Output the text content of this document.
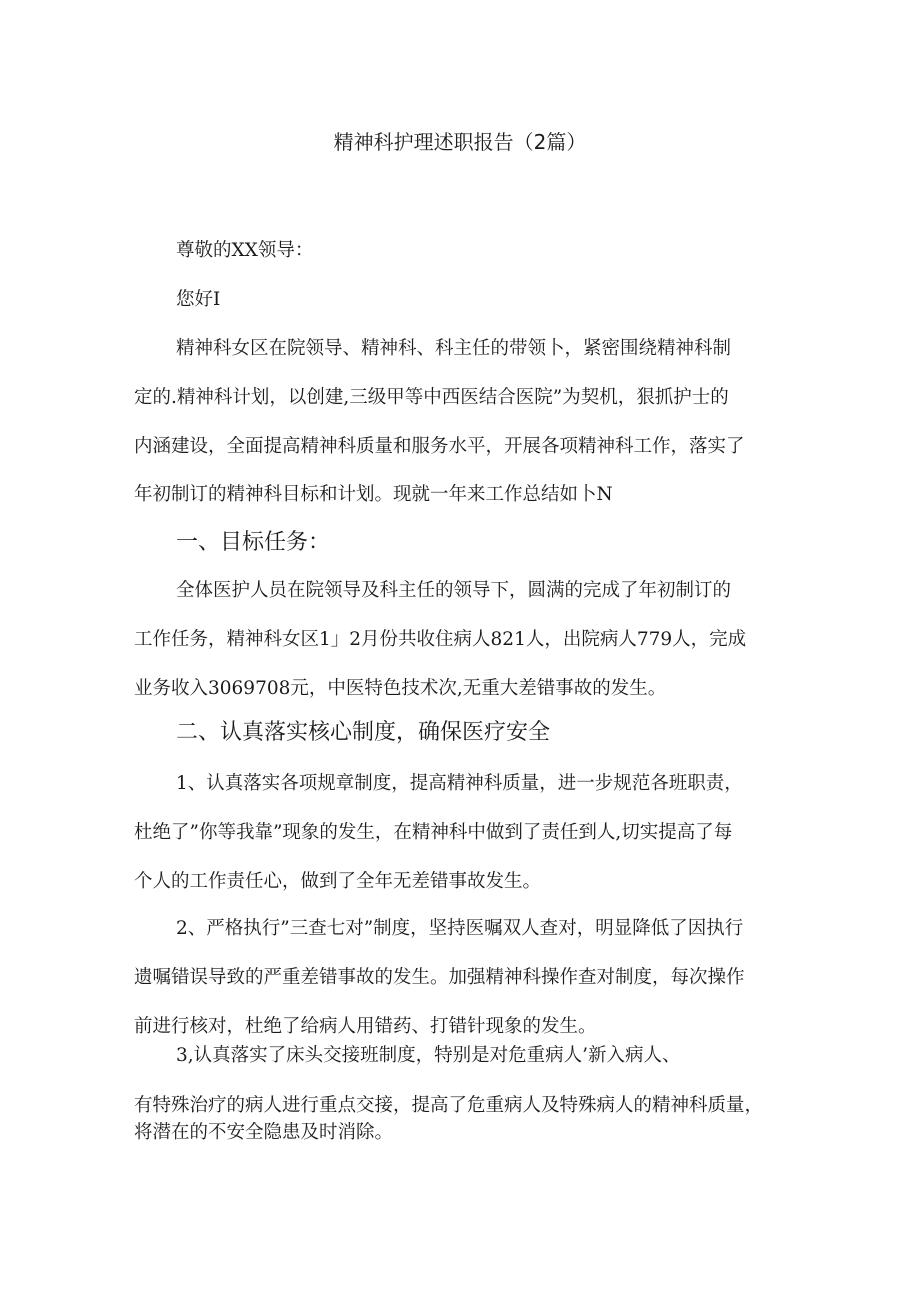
精神科护理述职报告（2篇）
尊敬的XX领导：
您好I
精神科女区在院领导、精神科、科主任的带领卜，紧密围绕精神科制
定的.精神科计划，以创建,三级甲等中西医结合医院”为契机，狠抓护士的
内涵建设，全面提高精神科质量和服务水平，开展各项精神科工作，落实了
年初制订的精神科目标和计划。现就一年来工作总结如卜N
一、目标任务：
全体医护人员在院领导及科主任的领导下，圆满的完成了年初制订的
工作任务，精神科女区1」2月份共收住病人821人，出院病人779人，完成
业务收入3069708元，中医特色技术次,无重大差错事故的发生。
二、认真落实核心制度，确保医疗安全
1、认真落实各项规章制度，提高精神科质量，进一步规范各班职责，
杜绝了”你等我靠”现象的发生，在精神科中做到了责任到人,切实提高了每
个人的工作责任心，做到了全年无差错事故发生。
2、严格执行”三查七对”制度，坚持医嘱双人查对，明显降低了因执行
遗嘱错误导致的严重差错事故的发生。加强精神科操作查对制度，每次操作
前进行核对，杜绝了给病人用错药、打错针现象的发生。
3,认真落实了床头交接班制度，特别是对危重病人’新入病人、
有特殊治疗的病人进行重点交接，提高了危重病人及特殊病人的精神科质量，
将潜在的不安全隐患及时消除。
